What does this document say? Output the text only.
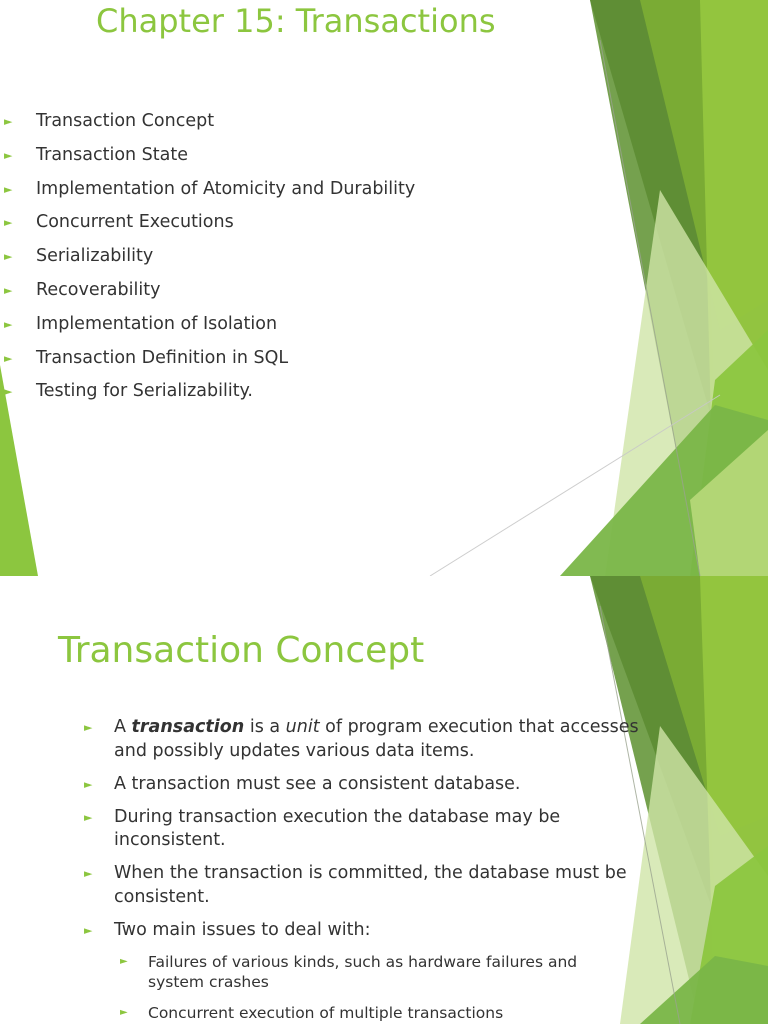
Chapter 15: Transactions
► Transaction Concept
► Transaction State
► Implementation of Atomicity and Durability
► Concurrent Executions
► Serializability
► Recoverability
► Implementation of Isolation
► Transaction Definition in SQL
► Testing for Serializability.
Transaction Concept
► A transaction is a unit of program execution that accesses and possibly updates various data items.
► A transaction must see a consistent database.
► During transaction execution the database may be inconsistent.
► When the transaction is committed, the database must be consistent.
► Two main issues to deal with:
► Failures of various kinds, such as hardware failures and system crashes
► Concurrent execution of multiple transactions
